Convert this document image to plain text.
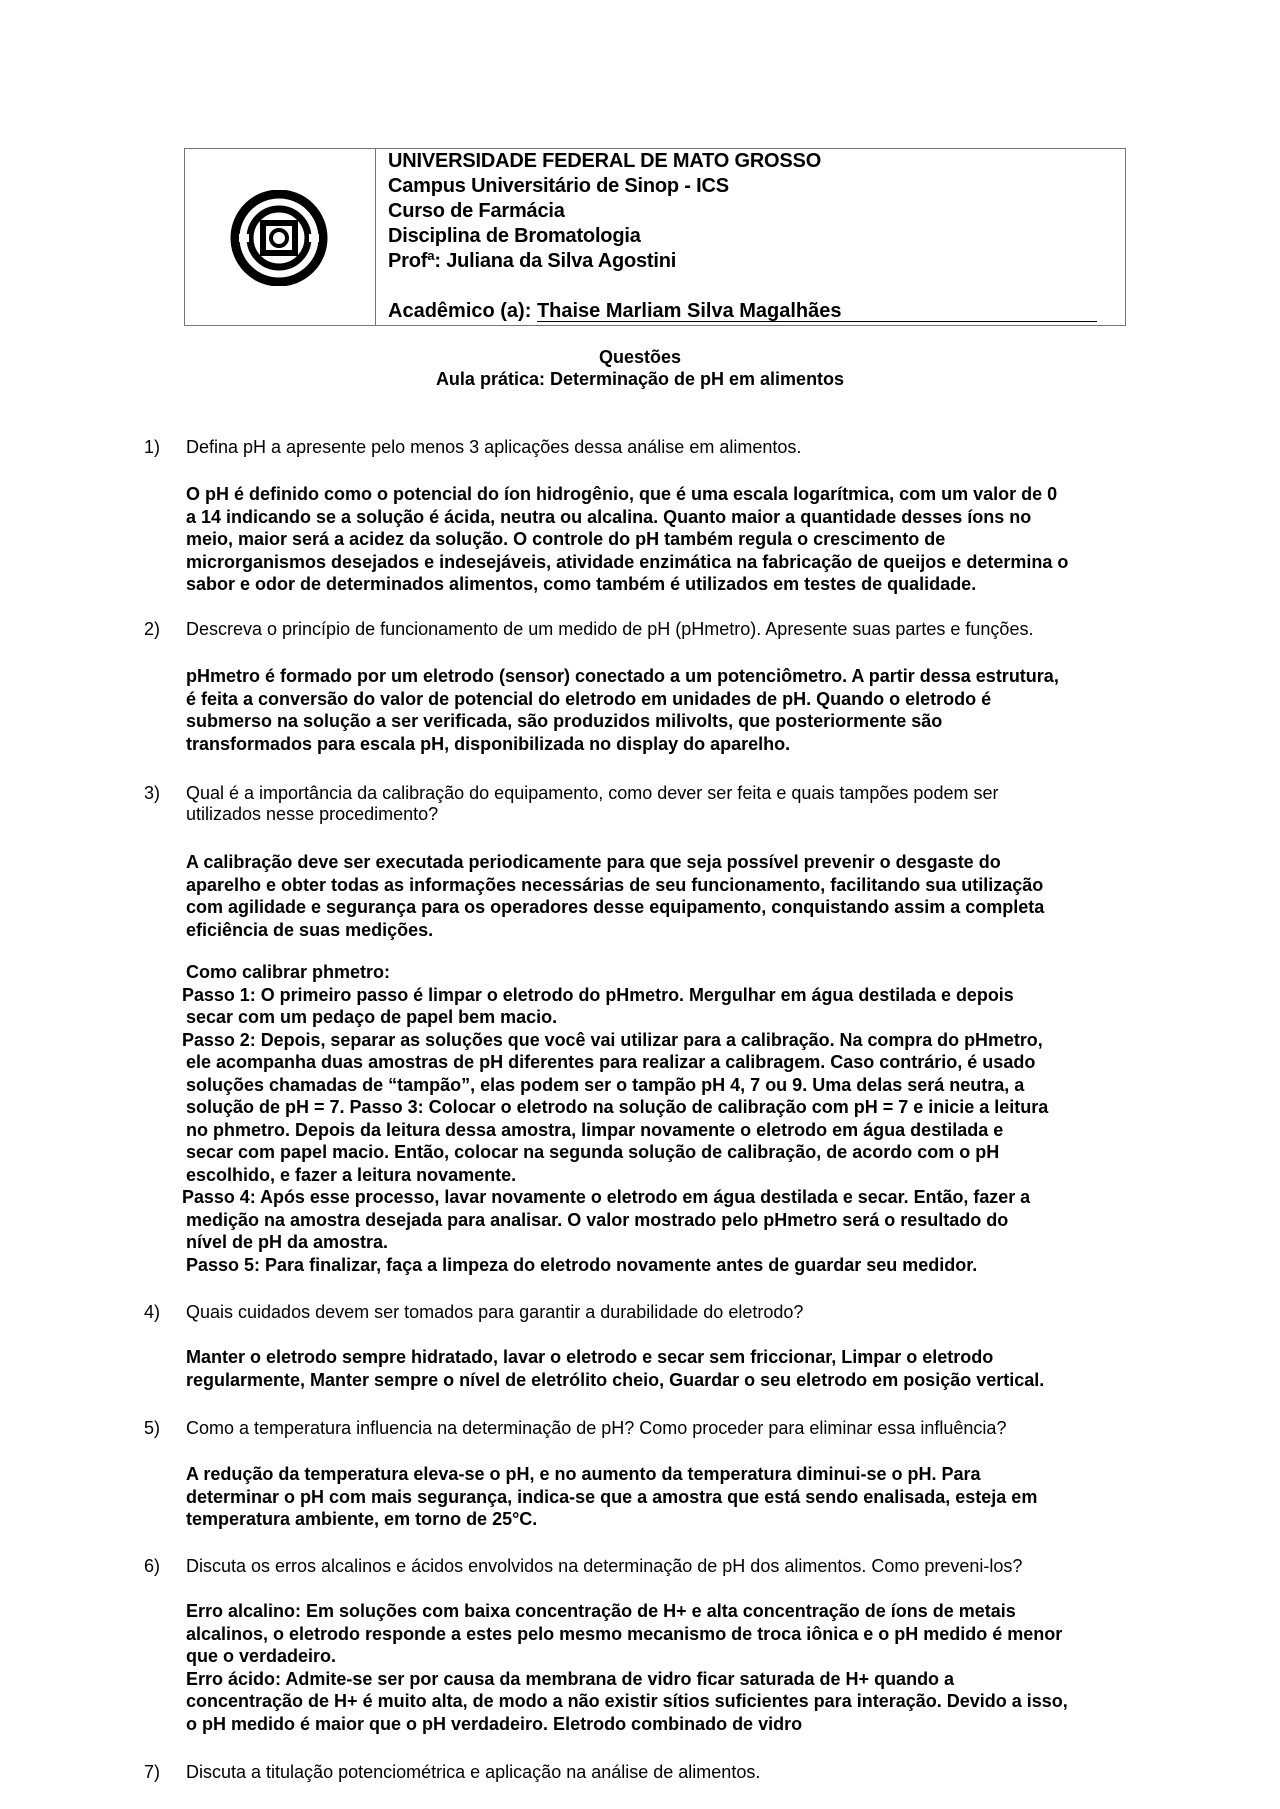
UNIVERSIDADE FEDERAL DE MATO GROSSO
Campus Universitário de Sinop - ICS
Curso de Farmácia
Disciplina de Bromatologia
Profª: Juliana da Silva Agostini
Acadêmico (a): Thaise Marliam Silva Magalhães
Questões
Aula prática: Determinação de pH em alimentos
1) Defina pH a apresente pelo menos 3 aplicações dessa análise em alimentos.
O pH é definido como o potencial do íon hidrogênio, que é uma escala logarítmica, com um valor de 0
a 14 indicando se a solução é ácida, neutra ou alcalina. Quanto maior a quantidade desses íons no
meio, maior será a acidez da solução. O controle do pH também regula o crescimento de
microrganismos desejados e indesejáveis, atividade enzimática na fabricação de queijos e determina o
sabor e odor de determinados alimentos, como também é utilizados em testes de qualidade.
2) Descreva o princípio de funcionamento de um medido de pH (pHmetro). Apresente suas partes e funções.
pHmetro é formado por um eletrodo (sensor) conectado a um potenciômetro. A partir dessa estrutura,
é feita a conversão do valor de potencial do eletrodo em unidades de pH. Quando o eletrodo é
submerso na solução a ser verificada, são produzidos milivolts, que posteriormente são
transformados para escala pH, disponibilizada no display do aparelho.
3) Qual é a importância da calibração do equipamento, como dever ser feita e quais tampões podem ser
utilizados nesse procedimento?
A calibração deve ser executada periodicamente para que seja possível prevenir o desgaste do
aparelho e obter todas as informações necessárias de seu funcionamento, facilitando sua utilização
com agilidade e segurança para os operadores desse equipamento, conquistando assim a completa
eficiência de suas medições.
Como calibrar phmetro:
Passo 1: O primeiro passo é limpar o eletrodo do pHmetro. Mergulhar em água destilada e depois
secar com um pedaço de papel bem macio.
Passo 2: Depois, separar as soluções que você vai utilizar para a calibração. Na compra do pHmetro,
ele acompanha duas amostras de pH diferentes para realizar a calibragem. Caso contrário, é usado
soluções chamadas de “tampão”, elas podem ser o tampão pH 4, 7 ou 9. Uma delas será neutra, a
solução de pH = 7. Passo 3: Colocar o eletrodo na solução de calibração com pH = 7 e inicie a leitura
no phmetro. Depois da leitura dessa amostra, limpar novamente o eletrodo em água destilada e
secar com papel macio. Então, colocar na segunda solução de calibração, de acordo com o pH
escolhido, e fazer a leitura novamente.
Passo 4: Após esse processo, lavar novamente o eletrodo em água destilada e secar. Então, fazer a
medição na amostra desejada para analisar. O valor mostrado pelo pHmetro será o resultado do
nível de pH da amostra.
Passo 5: Para finalizar, faça a limpeza do eletrodo novamente antes de guardar seu medidor.
4) Quais cuidados devem ser tomados para garantir a durabilidade do eletrodo?
Manter o eletrodo sempre hidratado, lavar o eletrodo e secar sem friccionar, Limpar o eletrodo
regularmente, Manter sempre o nível de eletrólito cheio, Guardar o seu eletrodo em posição vertical.
5) Como a temperatura influencia na determinação de pH? Como proceder para eliminar essa influência?
A redução da temperatura eleva-se o pH, e no aumento da temperatura diminui-se o pH. Para
determinar o pH com mais segurança, indica-se que a amostra que está sendo enalisada, esteja em
temperatura ambiente, em torno de 25°C.
6) Discuta os erros alcalinos e ácidos envolvidos na determinação de pH dos alimentos. Como preveni-los?
Erro alcalino: Em soluções com baixa concentração de H+ e alta concentração de íons de metais
alcalinos, o eletrodo responde a estes pelo mesmo mecanismo de troca iônica e o pH medido é menor
que o verdadeiro.
Erro ácido: Admite-se ser por causa da membrana de vidro ficar saturada de H+ quando a
concentração de H+ é muito alta, de modo a não existir sítios suficientes para interação. Devido a isso,
o pH medido é maior que o pH verdadeiro. Eletrodo combinado de vidro
7) Discuta a titulação potenciométrica e aplicação na análise de alimentos.
